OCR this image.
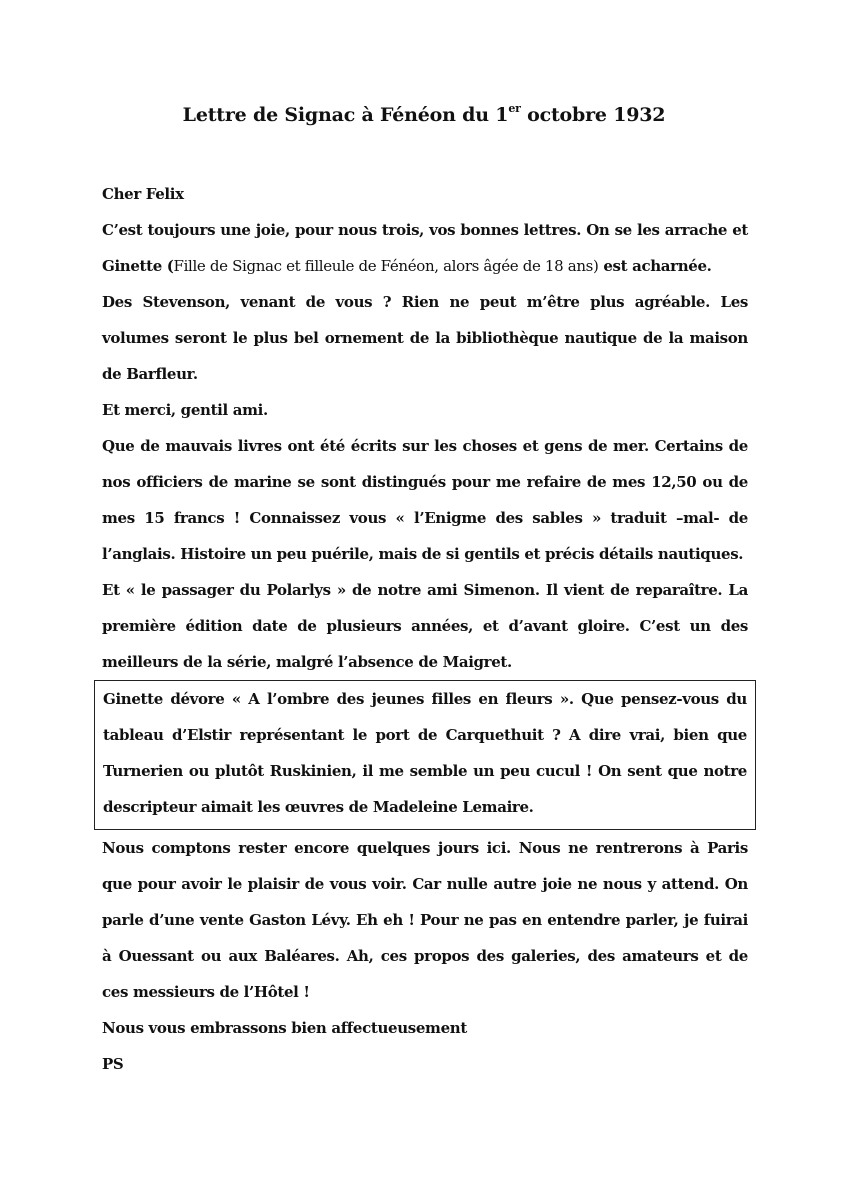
Lettre de Signac à Fénéon du 1er octobre 1932

Cher Felix

C’est toujours une joie, pour nous trois, vos bonnes lettres. On se les arrache et Ginette (Fille de Signac et filleule de Fénéon, alors âgée de 18 ans) est acharnée.

Des Stevenson, venant de vous ? Rien ne peut m’être plus agréable. Les volumes seront le plus bel ornement de la bibliothèque nautique de la maison de Barfleur.

Et merci, gentil ami.

Que de mauvais livres ont été écrits sur les choses et gens de mer. Certains de nos officiers de marine se sont distingués pour me refaire de mes 12,50 ou de mes 15 francs ! Connaissez vous « l’Enigme des sables » traduit –mal- de l’anglais. Histoire un peu puérile, mais de si gentils et précis détails nautiques.

Et « le passager du Polarlys » de notre ami Simenon. Il vient de reparaître. La première édition date de plusieurs années, et d’avant gloire. C’est un des meilleurs de la série, malgré l’absence de Maigret.

Ginette dévore « A l’ombre des jeunes filles en fleurs ». Que pensez-vous du tableau d’Elstir représentant le port de Carquethuit ? A dire vrai, bien que Turnerien ou plutôt Ruskinien, il me semble un peu cucul ! On sent que notre descripteur aimait les œuvres de Madeleine Lemaire.

Nous comptons rester encore quelques jours ici. Nous ne rentrerons à Paris que pour avoir le plaisir de vous voir. Car nulle autre joie ne nous y attend. On parle d’une vente Gaston Lévy. Eh eh ! Pour ne pas en entendre parler, je fuirai à Ouessant ou aux Baléares. Ah, ces propos des galeries, des amateurs et de ces messieurs de l’Hôtel !

Nous vous embrassons bien affectueusement

PS
